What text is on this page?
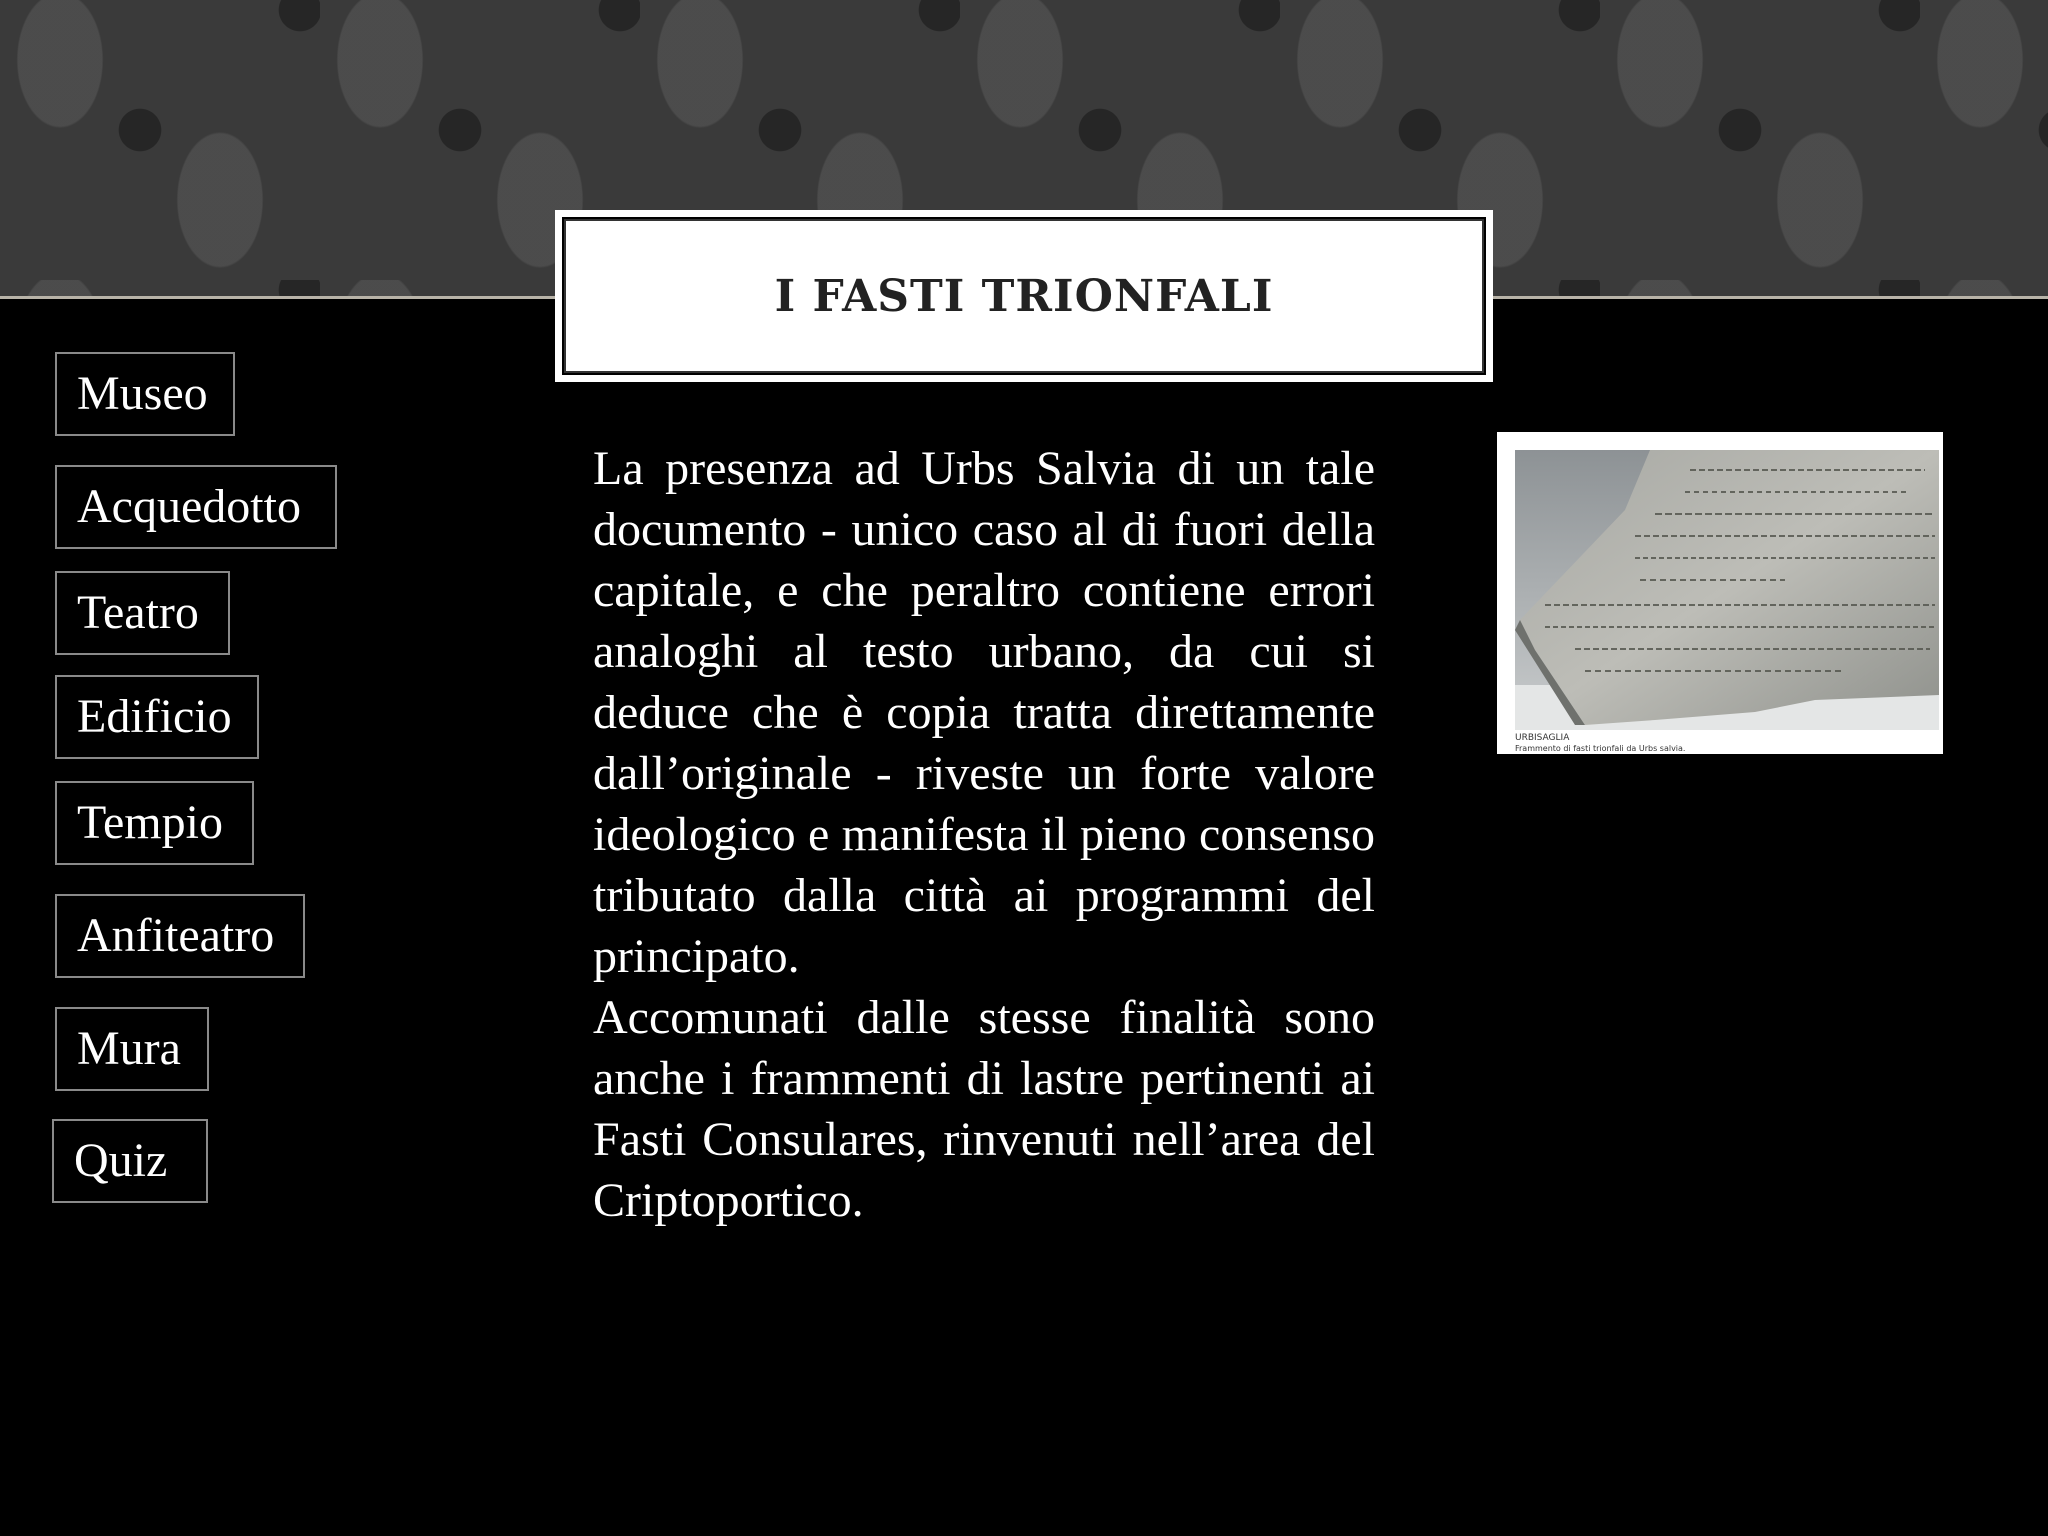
I FASTI TRIONFALI
Museo
Acquedotto
Teatro
Edificio
Tempio
Anfiteatro
Mura
Quiz

La presenza ad Urbs Salvia di un tale documento - unico caso al di fuori della capitale, e che peraltro contiene errori analoghi al testo urbano, da cui si deduce che è copia tratta direttamente dall’originale - riveste un forte valore ideologico e manifesta il pieno consenso tributato dalla città ai programmi del principato.

Accomunati dalle stesse finalità sono anche i frammenti di lastre pertinenti ai Fasti Consulares, rinvenuti nell’area del Criptoportico.

URBISAGLIA
Frammento di fasti trionfali da Urbs salvia.
